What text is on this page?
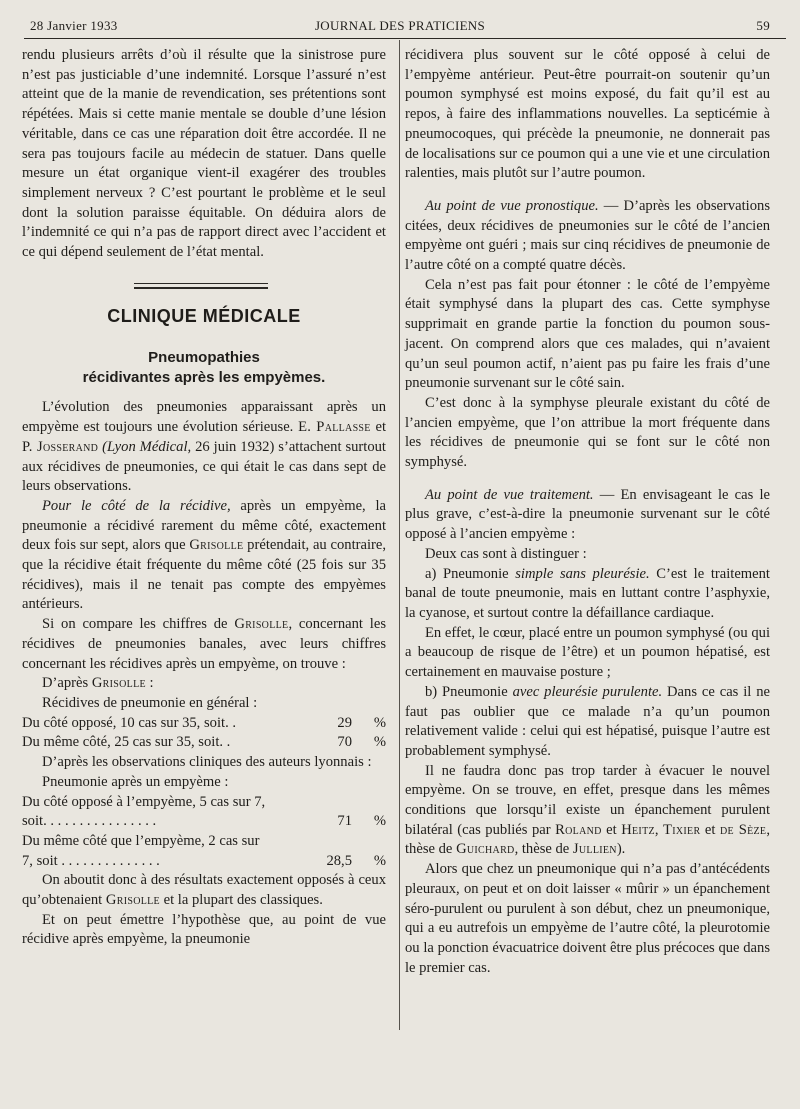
28 Janvier 1933	JOURNAL DES PRATICIENS	59

rendu plusieurs arrêts d’où il résulte que la sinistrose pure n’est pas justiciable d’une indemnité. Lorsque l’assuré n’est atteint que de la manie de revendication, ses prétentions sont répétées. Mais si cette manie mentale se double d’une lésion véritable, dans ce cas une réparation doit être accordée. Il ne sera pas toujours facile au médecin de statuer. Dans quelle mesure un état organique vient-il exagérer des troubles simplement nerveux ? C’est pourtant le problème et le seul dont la solution paraisse équitable. On déduira alors de l’indemnité ce qui n’a pas de rapport direct avec l’accident et ce qui dépend seulement de l’état mental.

CLINIQUE MÉDICALE
Pneumopathies
récidivantes après les empyèmes.

L’évolution des pneumonies apparaissant après un empyème est toujours une évolution sérieuse. E. Pallasse et P. Josserand (Lyon Médical, 26 juin 1932) s’attachent surtout aux récidives de pneumonies, ce qui était le cas dans sept de leurs observations.

Pour le côté de la récidive, après un empyème, la pneumonie a récidivé rarement du même côté, exactement deux fois sur sept, alors que Grisolle prétendait, au contraire, que la récidive était fréquente du même côté (25 fois sur 35 récidives), mais il ne tenait pas compte des empyèmes antérieurs.

Si on compare les chiffres de Grisolle, concernant les récidives de pneumonies banales, avec leurs chiffres concernant les récidives après un empyème, on trouve :

D’après Grisolle :

Récidives de pneumonie en général :

Du côté opposé, 10 cas sur 35, soit. .	29	%
Du même côté, 25 cas sur 35, soit. .	70	%

D’après les observations cliniques des auteurs lyonnais :

Pneumonie après un empyème :

Du côté opposé à l’empyème, 5 cas sur 7,

soit. . . . . . . . . . . . . . . .	71	%

Du même côté que l’empyème, 2 cas sur

7, soit . . . . . . . . . . . . . .	28,5	%

On aboutit donc à des résultats exactement opposés à ceux qu’obtenaient Grisolle et la plupart des classiques.

Et on peut émettre l’hypothèse que, au point de vue récidive après empyème, la pneumonie

récidivera plus souvent sur le côté opposé à celui de l’empyème antérieur. Peut-être pourrait-on soutenir qu’un poumon symphysé est moins exposé, du fait qu’il est au repos, à faire des inflammations nouvelles. La septicémie à pneumocoques, qui précède la pneumonie, ne donnerait pas de localisations sur ce poumon qui a une vie et une circulation ralenties, mais plutôt sur l’autre poumon.

Au point de vue pronostique. — D’après les observations citées, deux récidives de pneumonies sur le côté de l’ancien empyème ont guéri ; mais sur cinq récidives de pneumonie de l’autre côté on a compté quatre décès.

Cela n’est pas fait pour étonner : le côté de l’empyème était symphysé dans la plupart des cas. Cette symphyse supprimait en grande partie la fonction du poumon sous-jacent. On comprend alors que ces malades, qui n’avaient qu’un seul poumon actif, n’aient pas pu faire les frais d’une pneumonie survenant sur le côté sain.

C’est donc à la symphyse pleurale existant du côté de l’ancien empyème, que l’on attribue la mort fréquente dans les récidives de pneumonie qui se font sur le côté non symphysé.

Au point de vue traitement. — En envisageant le cas le plus grave, c’est-à-dire la pneumonie survenant sur le côté opposé à l’ancien empyème :

Deux cas sont à distinguer :

a) Pneumonie simple sans pleurésie. C’est le traitement banal de toute pneumonie, mais en luttant contre l’asphyxie, la cyanose, et surtout contre la défaillance cardiaque.

En effet, le cœur, placé entre un poumon symphysé (ou qui a beaucoup de risque de l’être) et un poumon hépatisé, est certainement en mauvaise posture ;

b) Pneumonie avec pleurésie purulente. Dans ce cas il ne faut pas oublier que ce malade n’a qu’un poumon relativement valide : celui qui est hépatisé, puisque l’autre est probablement symphysé.

Il ne faudra donc pas trop tarder à évacuer le nouvel empyème. On se trouve, en effet, presque dans les mêmes conditions que lorsqu’il existe un épanchement purulent bilatéral (cas publiés par Roland et Heitz, Tixier et de Sèze, thèse de Guichard, thèse de Jullien).

Alors que chez un pneumonique qui n’a pas d’antécédents pleuraux, on peut et on doit laisser « mûrir » un épanchement séro-purulent ou purulent à son début, chez un pneumonique, qui a eu autrefois un empyème de l’autre côté, la pleurotomie ou la ponction évacuatrice doivent être plus précoces que dans le premier cas.
